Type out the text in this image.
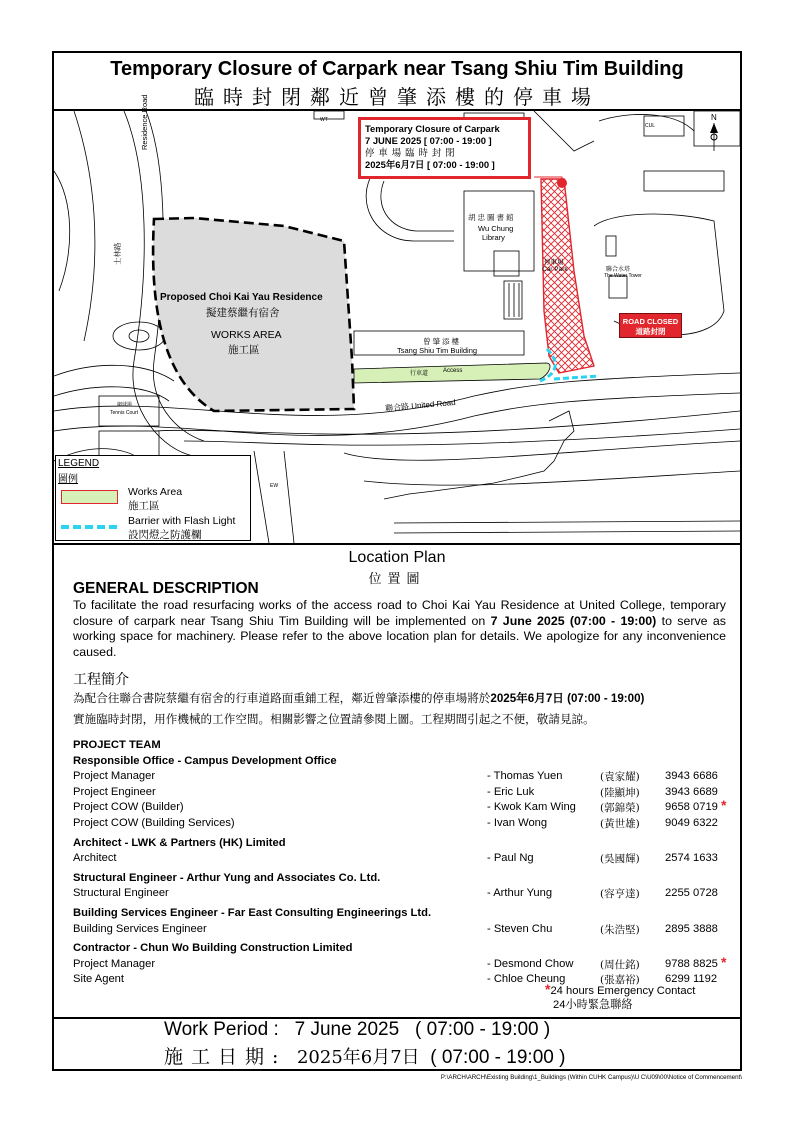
Temporary Closure of Carpark near Tsang Shiu Tim Building
臨時封閉鄰近曾肇添樓的停車場
Residence Road
士林路
Proposed Choi Kai Yau Residence
擬建蔡繼有宿舍
WORKS AREA
施工區
胡忠圖書館
Wu Chung
Library
停車場
Car Park
曾肇添樓
Tsang Shiu Tim Building
行車道 Access
聯合路 United Road
聯合水塔
The Water Tower
網球場
Tennis Court
WT
CUL
N
EW
Temporary Closure of Carpark
7 JUNE 2025 [ 07:00 - 19:00 ]
停車場臨時封閉
2025年6月7日 [ 07:00 - 19:00 ]
ROAD CLOSED
道路封閉
LEGEND
圖例
Works Area
施工區
Barrier with Flash Light
設閃燈之防護欄
Location Plan
位置圖
GENERAL DESCRIPTION
To facilitate the road resurfacing works of the access road to Choi Kai Yau Residence at United College, temporary closure of carpark near Tsang Shiu Tim Building will be implemented on 7 June 2025 (07:00 - 19:00) to serve as working space for machinery. Please refer to the above location plan for details. We apologize for any inconvenience caused.
工程簡介
為配合往聯合書院蔡繼有宿舍的行車道路面重鋪工程，鄰近曾肇添樓的停車場將於2025年6月7日 (07:00 - 19:00)
實施臨時封閉，用作機械的工作空間。相關影響之位置請參閱上圖。工程期間引起之不便，敬請見諒。
PROJECT TEAM
Responsible Office - Campus Development Office
Project Manager	- Thomas Yuen	(袁家耀) 3943 6686
Project Engineer	- Eric Luk	(陸顯坤) 3943 6689
Project COW (Builder)	- Kwok Kam Wing (郭錦榮) 9658 0719 *
Project COW (Building Services)	- Ivan Wong	(黃世雄) 9049 6322
Architect - LWK & Partners (HK) Limited
Architect	- Paul Ng	(吳國輝) 2574 1633
Structural Engineer - Arthur Yung and Associates Co. Ltd.
Structural Engineer	- Arthur Yung	(容亨達) 2255 0728
Building Services Engineer - Far East Consulting Engineerings Ltd.
Building Services Engineer	- Steven Chu	(朱浩堅) 2895 3888
Contractor - Chun Wo Building Construction Limited
Project Manager	- Desmond Chow	(周仕銘) 9788 8825 *
Site Agent	- Chloe Cheung	(張嘉裕) 6299 1192
*24 hours Emergency Contact
24小時緊急聯絡
Work Period : 7 June 2025   ( 07:00 - 19:00 )
施工日期: 2025年6月7日  ( 07:00 - 19:00 )
P:\ARCH\ARCH\Existing Building\1_Buildings (Within CUHK Campus)\U C\U09\00\Notice of Commencement\
